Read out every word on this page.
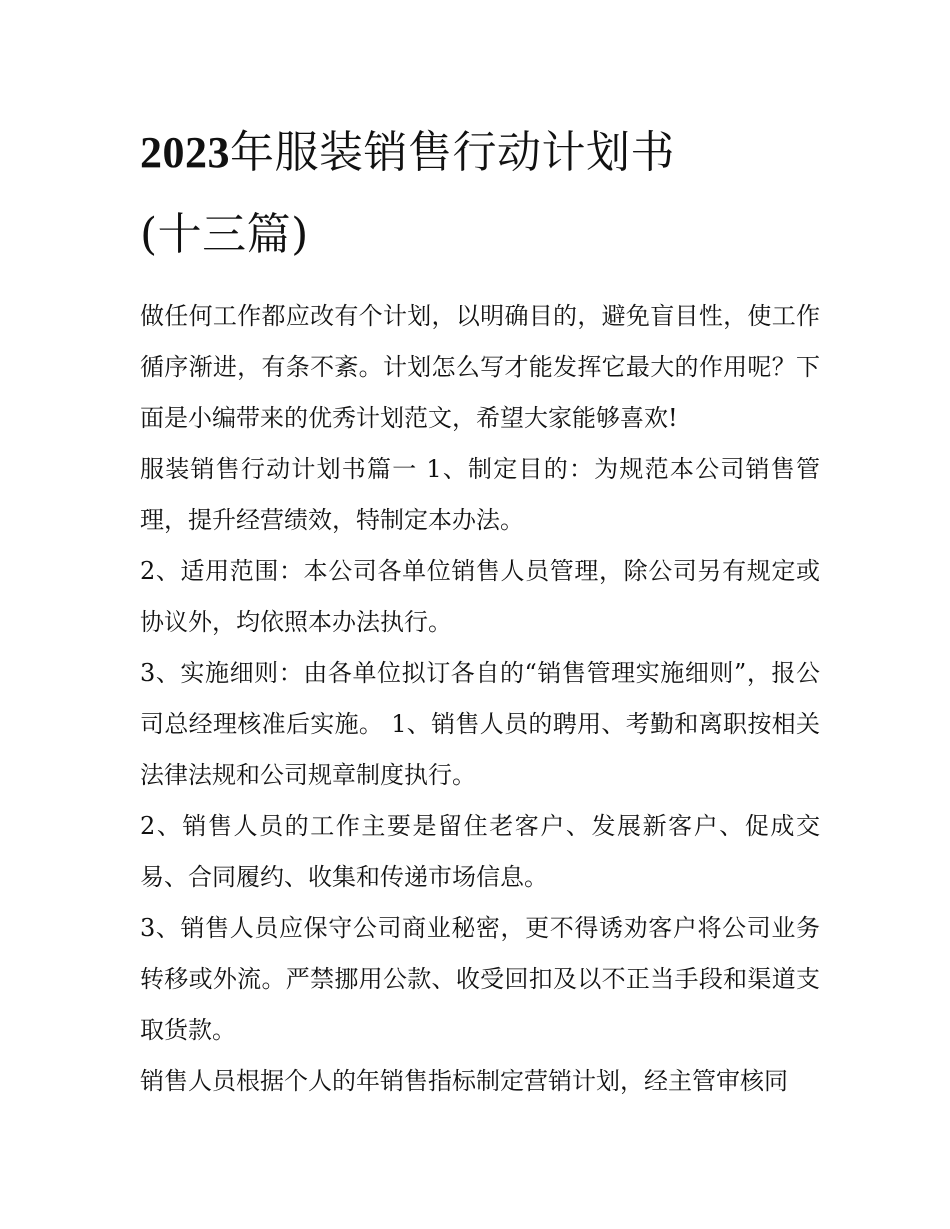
2023年服装销售行动计划书
(十三篇)

做任何工作都应改有个计划，以明确目的，避免盲目性，使工作循序渐进，有条不紊。计划怎么写才能发挥它最大的作用呢？下面是小编带来的优秀计划范文，希望大家能够喜欢!

服装销售行动计划书篇一 1、制定目的：为规范本公司销售管理，提升经营绩效，特制定本办法。

2、适用范围：本公司各单位销售人员管理，除公司另有规定或协议外，均依照本办法执行。

3、实施细则：由各单位拟订各自的“销售管理实施细则”，报公司总经理核准后实施。 1、销售人员的聘用、考勤和离职按相关法律法规和公司规章制度执行。

2、销售人员的工作主要是留住老客户、发展新客户、促成交易、合同履约、收集和传递市场信息。

3、销售人员应保守公司商业秘密，更不得诱劝客户将公司业务转移或外流。严禁挪用公款、收受回扣及以不正当手段和渠道支取货款。

销售人员根据个人的年销售指标制定营销计划，经主管审核同
